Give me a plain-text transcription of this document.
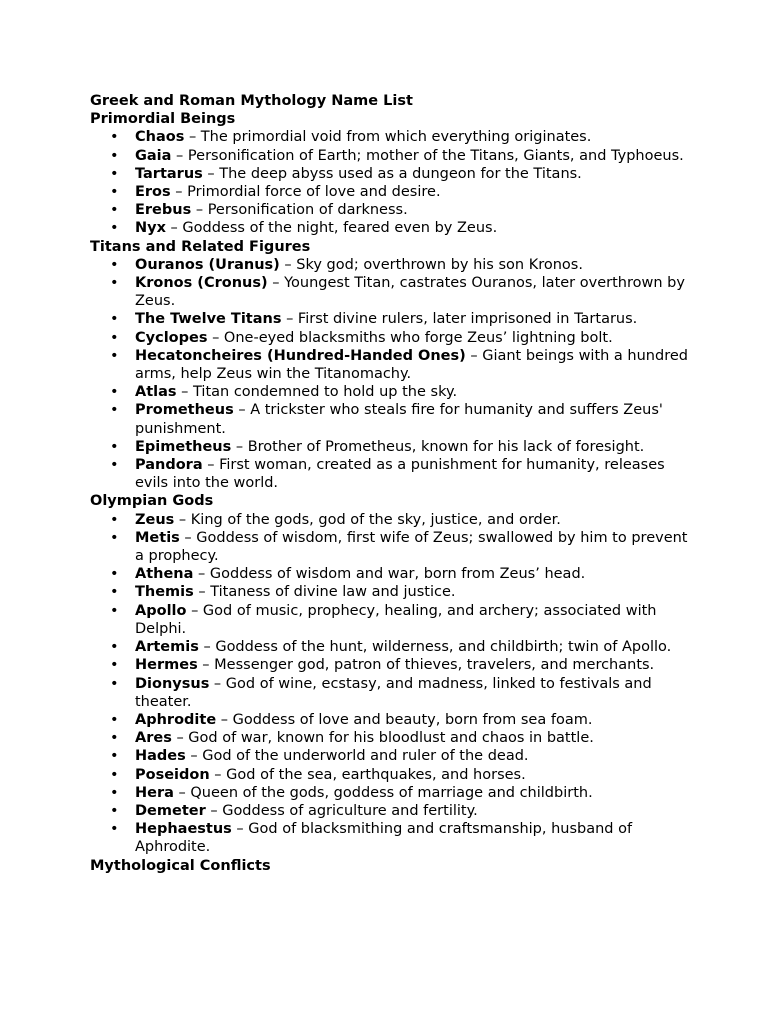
Greek and Roman Mythology Name List

Primordial Beings

• Chaos – The primordial void from which everything originates.
• Gaia – Personification of Earth; mother of the Titans, Giants, and Typhoeus.
• Tartarus – The deep abyss used as a dungeon for the Titans.
• Eros – Primordial force of love and desire.
• Erebus – Personification of darkness.
• Nyx – Goddess of the night, feared even by Zeus.

Titans and Related Figures

• Ouranos (Uranus) – Sky god; overthrown by his son Kronos.
• Kronos (Cronus) – Youngest Titan, castrates Ouranos, later overthrown by Zeus.
• The Twelve Titans – First divine rulers, later imprisoned in Tartarus.
• Cyclopes – One-eyed blacksmiths who forge Zeus’ lightning bolt.
• Hecatoncheires (Hundred-Handed Ones) – Giant beings with a hundred arms, help Zeus win the Titanomachy.
• Atlas – Titan condemned to hold up the sky.
• Prometheus – A trickster who steals fire for humanity and suffers Zeus' punishment.
• Epimetheus – Brother of Prometheus, known for his lack of foresight.
• Pandora – First woman, created as a punishment for humanity, releases evils into the world.

Olympian Gods

• Zeus – King of the gods, god of the sky, justice, and order.
• Metis – Goddess of wisdom, first wife of Zeus; swallowed by him to prevent a prophecy.
• Athena – Goddess of wisdom and war, born from Zeus’ head.
• Themis – Titaness of divine law and justice.
• Apollo – God of music, prophecy, healing, and archery; associated with Delphi.
• Artemis – Goddess of the hunt, wilderness, and childbirth; twin of Apollo.
• Hermes – Messenger god, patron of thieves, travelers, and merchants.
• Dionysus – God of wine, ecstasy, and madness, linked to festivals and theater.
• Aphrodite – Goddess of love and beauty, born from sea foam.
• Ares – God of war, known for his bloodlust and chaos in battle.
• Hades – God of the underworld and ruler of the dead.
• Poseidon – God of the sea, earthquakes, and horses.
• Hera – Queen of the gods, goddess of marriage and childbirth.
• Demeter – Goddess of agriculture and fertility.
• Hephaestus – God of blacksmithing and craftsmanship, husband of Aphrodite.

Mythological Conflicts
